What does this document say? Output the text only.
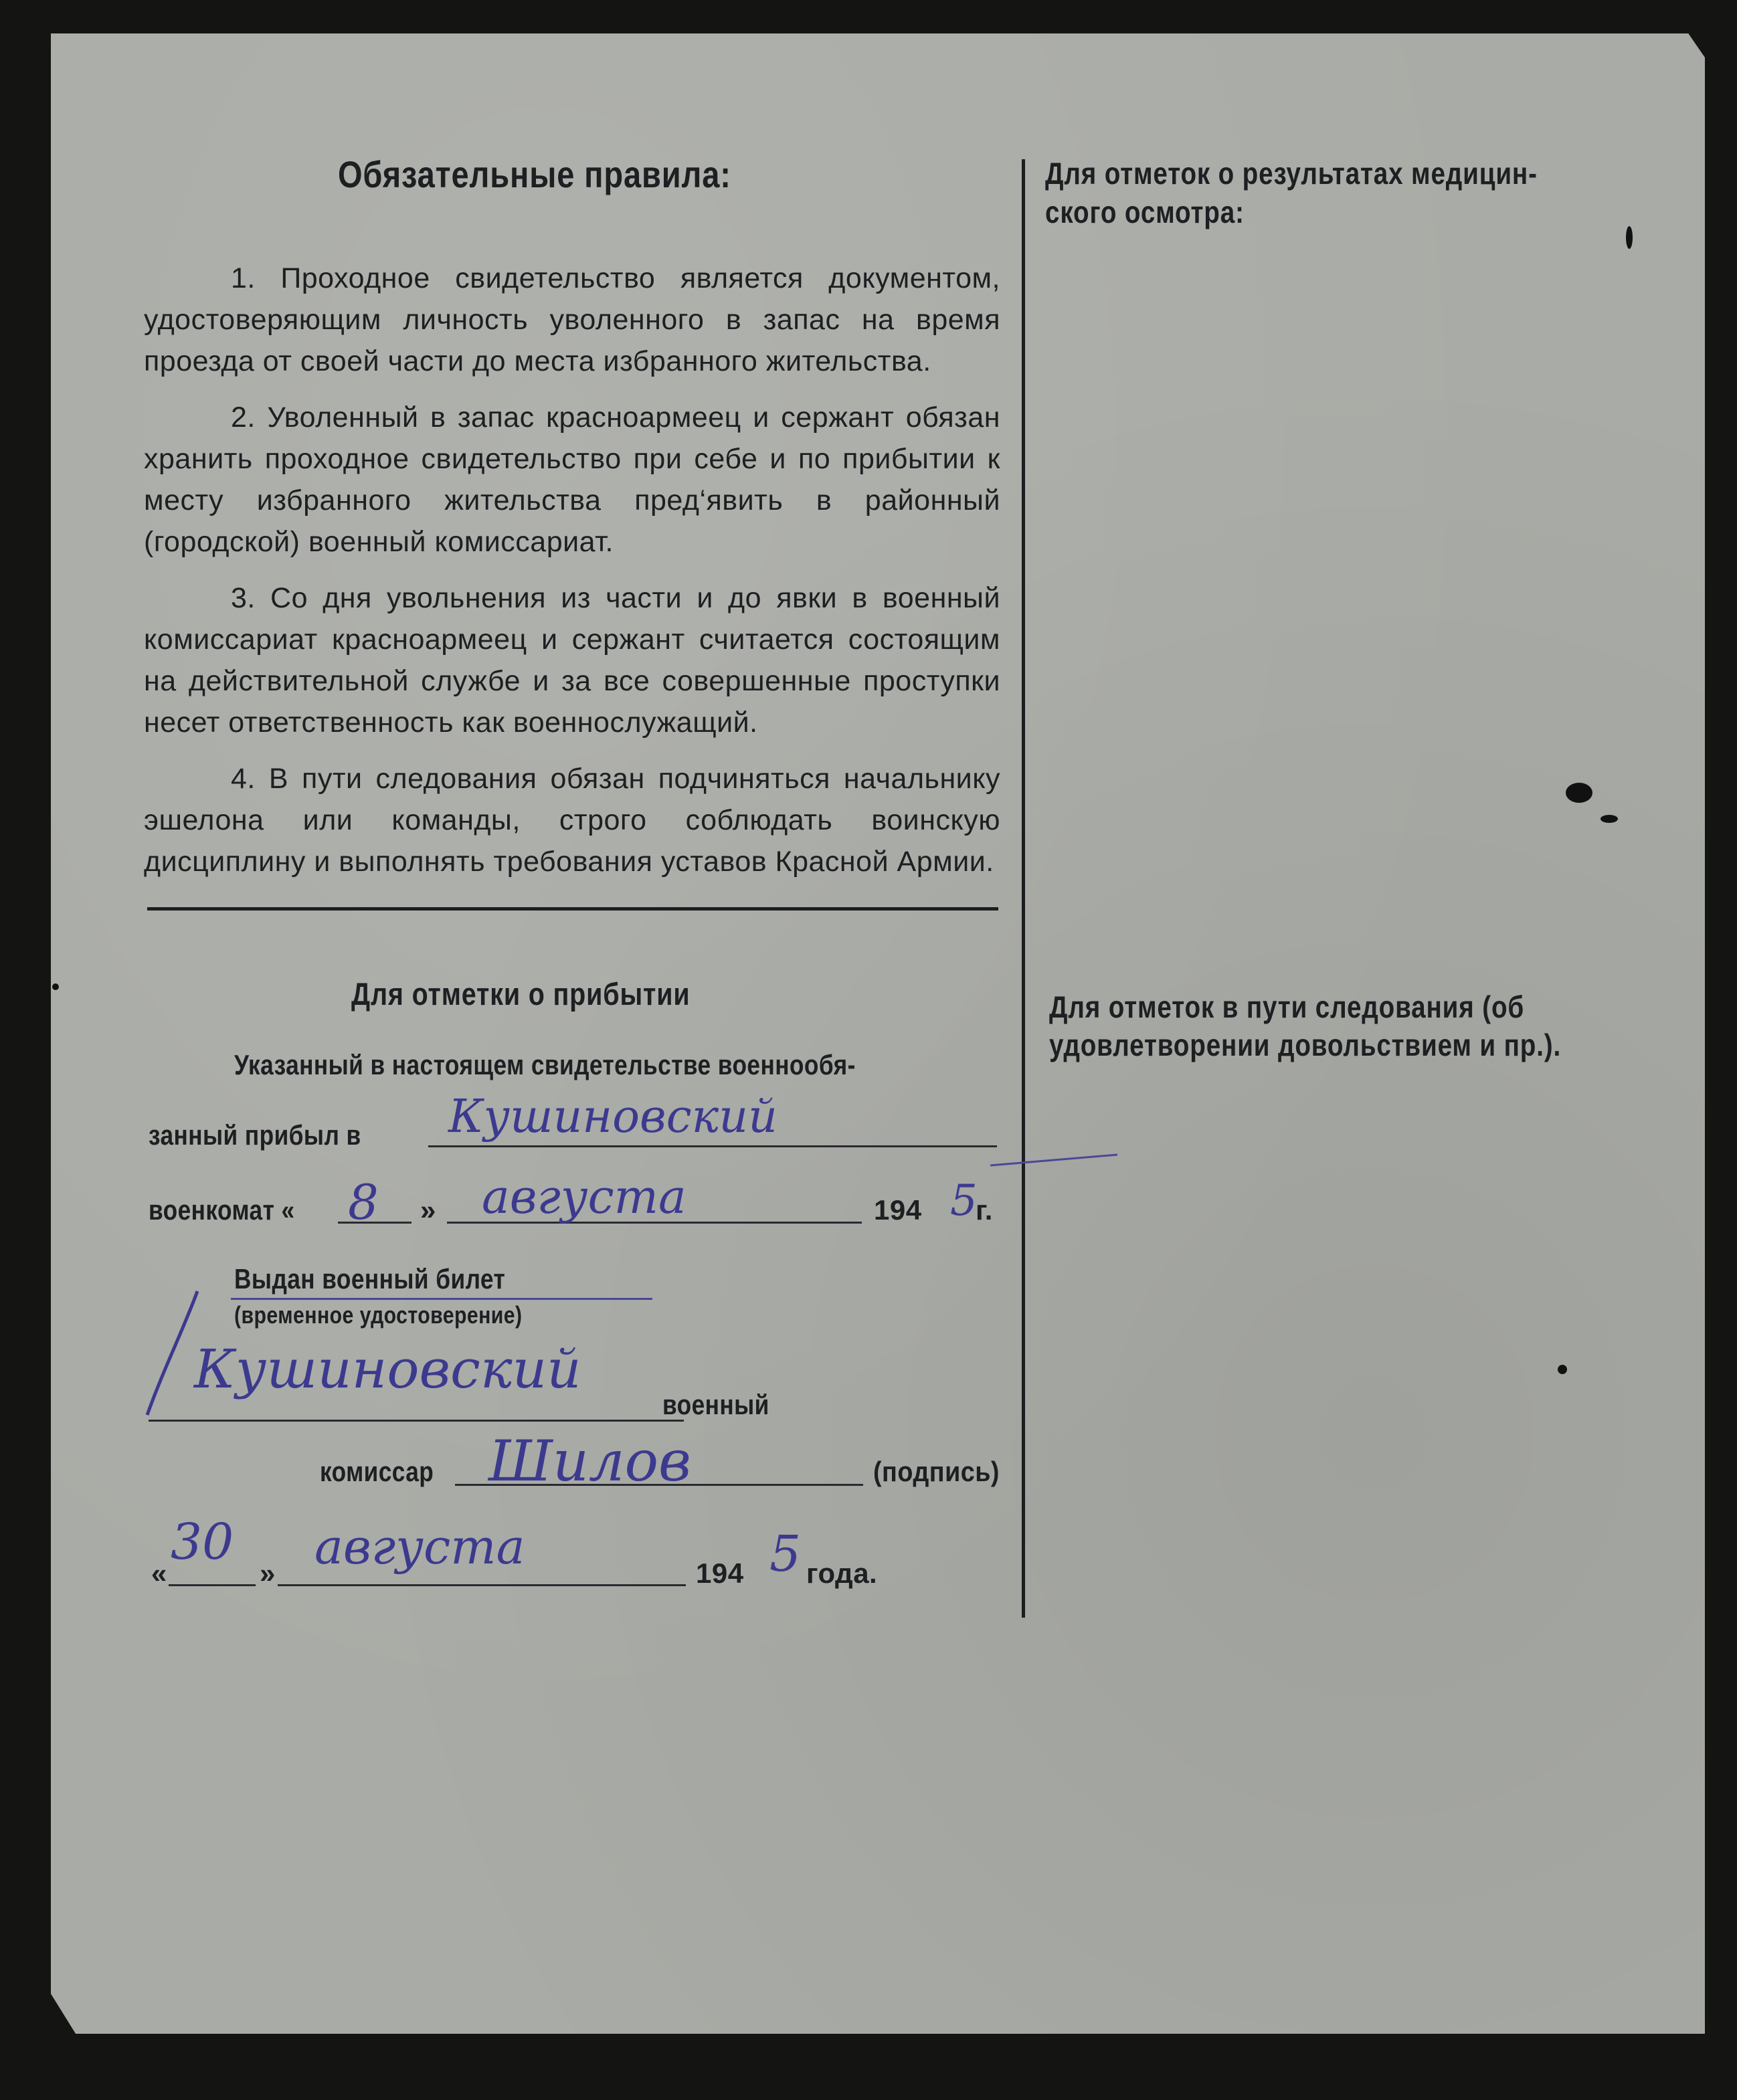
Обязательные правила:

1. Проходное свидетельство является документом, удостоверяющим личность уволенного в запас на время проезда от своей части до места избранного жительства.

2. Уволенный в запас красноармеец и сержант обязан хранить проходное свидетельство при себе и по прибытии к месту избранного жительства пред‘явить в районный (городской) военный комиссариат.

3. Со дня увольнения из части и до явки в военный комиссариат красноармеец и сержант считается состоящим на действительной службе и за все совершенные проступки несет ответственность как военнослужащий.

4. В пути следования обязан подчиняться начальнику эшелона или команды, строго соблюдать воинскую дисциплину и выполнять требования уставов Красной Армии.

Для отметок о результатах медицин-
ского осмотра:
Для отметок в пути следования (об
удовлетворении довольствием и пр.).
Для отметки о прибытии
Указанный в настоящем свидетельстве военнообя-
занный прибыл в Кушиновский
военкомат « 8 » августа	194 5
г.
Выдан военный билет
(временное удостоверение)
Кушиновский
военный
комиссар Шилов	(подпись)
«
30
» августа	194 5 года.
